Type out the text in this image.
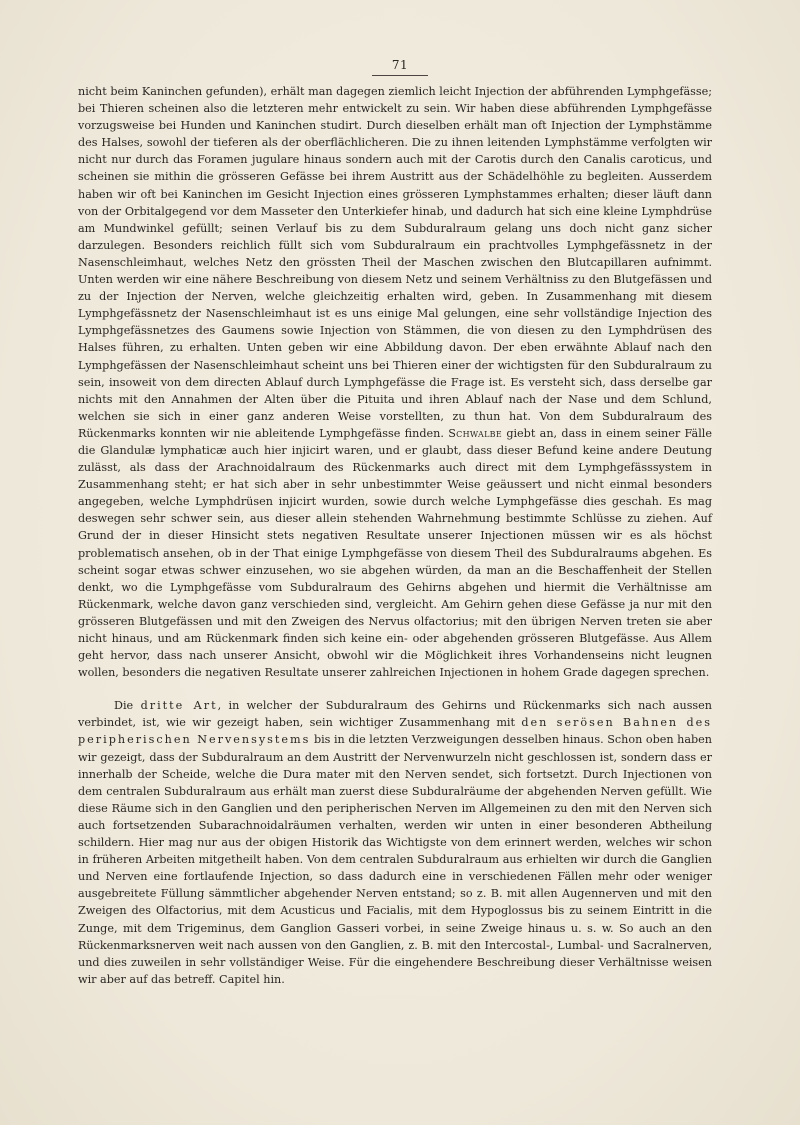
71

nicht beim Kaninchen gefunden), erhält man dagegen ziemlich leicht Injection der abführenden Lymphgefässe; bei Thieren scheinen also die letzteren mehr entwickelt zu sein. Wir haben diese abführenden Lymphgefässe vorzugsweise bei Hunden und Kaninchen studirt. Durch dieselben erhält man oft Injection der Lymphstämme des Halses, sowohl der tieferen als der oberflächlicheren. Die zu ihnen leitenden Lymphstämme verfolgten wir nicht nur durch das Foramen jugulare hinaus sondern auch mit der Carotis durch den Canalis caroticus, und scheinen sie mithin die grösseren Gefässe bei ihrem Austritt aus der Schädelhöhle zu begleiten. Ausserdem haben wir oft bei Kaninchen im Gesicht Injection eines grösseren Lymphstammes erhalten; dieser läuft dann von der Orbitalgegend vor dem Masseter den Unterkiefer hinab, und dadurch hat sich eine kleine Lymphdrüse am Mundwinkel gefüllt; seinen Verlauf bis zu dem Subduralraum gelang uns doch nicht ganz sicher darzulegen. Besonders reichlich füllt sich vom Subduralraum ein prachtvolles Lymphgefässnetz in der Nasenschleimhaut, welches Netz den grössten Theil der Maschen zwischen den Blutcapillaren aufnimmt. Unten werden wir eine nähere Beschreibung von diesem Netz und seinem Verhältniss zu den Blutgefässen und zu der Injection der Nerven, welche gleichzeitig erhalten wird, geben. In Zusammenhang mit diesem Lymphgefässnetz der Nasenschleimhaut ist es uns einige Mal gelungen, eine sehr vollständige Injection des Lymphgefässnetzes des Gaumens sowie Injection von Stämmen, die von diesen zu den Lymphdrüsen des Halses führen, zu erhalten. Unten geben wir eine Abbildung davon. Der eben erwähnte Ablauf nach den Lymphgefässen der Nasenschleimhaut scheint uns bei Thieren einer der wichtigsten für den Subduralraum zu sein, insoweit von dem directen Ablauf durch Lymphgefässe die Frage ist. Es versteht sich, dass derselbe gar nichts mit den Annahmen der Alten über die Pituita und ihren Ablauf nach der Nase und dem Schlund, welchen sie sich in einer ganz anderen Weise vorstellten, zu thun hat. Von dem Subduralraum des Rückenmarks konnten wir nie ableitende Lymphgefässe finden. Schwalbe giebt an, dass in einem seiner Fälle die Glandulæ lymphaticæ auch hier injicirt waren, und er glaubt, dass dieser Befund keine andere Deutung zulässt, als dass der Arachnoidalraum des Rückenmarks auch direct mit dem Lymphgefässsystem in Zusammenhang steht; er hat sich aber in sehr unbestimmter Weise geäussert und nicht einmal besonders angegeben, welche Lymphdrüsen injicirt wurden, sowie durch welche Lymphgefässe dies geschah. Es mag deswegen sehr schwer sein, aus dieser allein stehenden Wahrnehmung bestimmte Schlüsse zu ziehen. Auf Grund der in dieser Hinsicht stets negativen Resultate unserer Injectionen müssen wir es als höchst problematisch ansehen, ob in der That einige Lymphgefässe von diesem Theil des Subduralraums abgehen. Es scheint sogar etwas schwer einzusehen, wo sie abgehen würden, da man an die Beschaffenheit der Stellen denkt, wo die Lymphgefässe vom Subduralraum des Gehirns abgehen und hiermit die Verhältnisse am Rückenmark, welche davon ganz verschieden sind, vergleicht. Am Gehirn gehen diese Gefässe ja nur mit den grösseren Blutgefässen und mit den Zweigen des Nervus olfactorius; mit den übrigen Nerven treten sie aber nicht hinaus, und am Rückenmark finden sich keine ein- oder abgehenden grösseren Blutgefässe. Aus Allem geht hervor, dass nach unserer Ansicht, obwohl wir die Möglichkeit ihres Vorhandenseins nicht leugnen wollen, besonders die negativen Resultate unserer zahlreichen Injectionen in hohem Grade dagegen sprechen.

Die dritte Art, in welcher der Subduralraum des Gehirns und Rückenmarks sich nach aussen verbindet, ist, wie wir gezeigt haben, sein wichtiger Zusammenhang mit den serösen Bahnen des peripherischen Nervensystems bis in die letzten Verzweigungen desselben hinaus. Schon oben haben wir gezeigt, dass der Subduralraum an dem Austritt der Nervenwurzeln nicht geschlossen ist, sondern dass er innerhalb der Scheide, welche die Dura mater mit den Nerven sendet, sich fortsetzt. Durch Injectionen von dem centralen Subduralraum aus erhält man zuerst diese Subduralräume der abgehenden Nerven gefüllt. Wie diese Räume sich in den Ganglien und den peripherischen Nerven im Allgemeinen zu den mit den Nerven sich auch fortsetzenden Subarachnoidalräumen verhalten, werden wir unten in einer besonderen Abtheilung schildern. Hier mag nur aus der obigen Historik das Wichtigste von dem erinnert werden, welches wir schon in früheren Arbeiten mitgetheilt haben. Von dem centralen Subduralraum aus erhielten wir durch die Ganglien und Nerven eine fortlaufende Injection, so dass dadurch eine in verschiedenen Fällen mehr oder weniger ausgebreitete Füllung sämmtlicher abgehender Nerven entstand; so z. B. mit allen Augennerven und mit den Zweigen des Olfactorius, mit dem Acusticus und Facialis, mit dem Hypoglossus bis zu seinem Eintritt in die Zunge, mit dem Trigeminus, dem Ganglion Gasseri vorbei, in seine Zweige hinaus u. s. w. So auch an den Rückenmarksnerven weit nach aussen von den Ganglien, z. B. mit den Intercostal-, Lumbal- und Sacralnerven, und dies zuweilen in sehr vollständiger Weise. Für die eingehendere Beschreibung dieser Verhältnisse weisen wir aber auf das betreff. Capitel hin.
